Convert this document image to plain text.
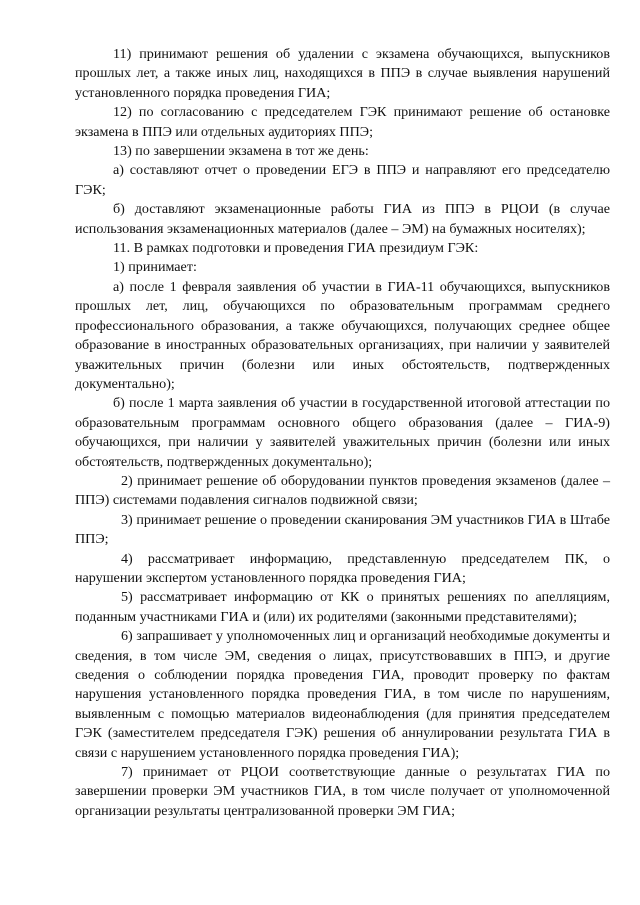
11) принимают решения об удалении с экзамена обучающихся, выпускников прошлых лет, а также иных лиц, находящихся в ППЭ в случае выявления нарушений установленного порядка проведения ГИА;

12) по согласованию с председателем ГЭК принимают решение об остановке экзамена в ППЭ или отдельных аудиториях ППЭ;

13) по завершении экзамена в тот же день:

а) составляют отчет о проведении ЕГЭ в ППЭ и направляют его председателю ГЭК;

б) доставляют экзаменационные работы ГИА из ППЭ в РЦОИ (в случае использования экзаменационных материалов (далее – ЭМ) на бумажных носителях);

11. В рамках подготовки и проведения ГИА президиум ГЭК:

1) принимает:

а) после 1 февраля заявления об участии в ГИА-11 обучающихся, выпускников прошлых лет, лиц, обучающихся по образовательным программам среднего профессионального образования, а также обучающихся, получающих среднее общее образование в иностранных образовательных организациях, при наличии у заявителей уважительных причин (болезни или иных обстоятельств, подтвержденных документально);

б) после 1 марта заявления об участии в государственной итоговой аттестации по образовательным программам основного общего образования (далее – ГИА-9) обучающихся, при наличии у заявителей уважительных причин (болезни или иных обстоятельств, подтвержденных документально);

2) принимает решение об оборудовании пунктов проведения экзаменов (далее – ППЭ) системами подавления сигналов подвижной связи;

3) принимает решение о проведении сканирования ЭМ участников ГИА в Штабе ППЭ;

4) рассматривает информацию, представленную председателем ПК, о нарушении экспертом установленного порядка проведения ГИА;

5) рассматривает информацию от КК о принятых решениях по апелляциям, поданным участниками ГИА и (или) их родителями (законными представителями);

6) запрашивает у уполномоченных лиц и организаций необходимые документы и сведения, в том числе ЭМ, сведения о лицах, присутствовавших в ППЭ, и другие сведения о соблюдении порядка проведения ГИА, проводит проверку по фактам нарушения установленного порядка проведения ГИА, в том числе по нарушениям, выявленным с помощью материалов видеонаблюдения (для принятия председателем ГЭК (заместителем председателя ГЭК) решения об аннулировании результата ГИА в связи с нарушением установленного порядка проведения ГИА);

7) принимает от РЦОИ соответствующие данные о результатах ГИА по завершении проверки ЭМ участников ГИА, в том числе получает от уполномоченной организации результаты централизованной проверки ЭМ ГИА;
